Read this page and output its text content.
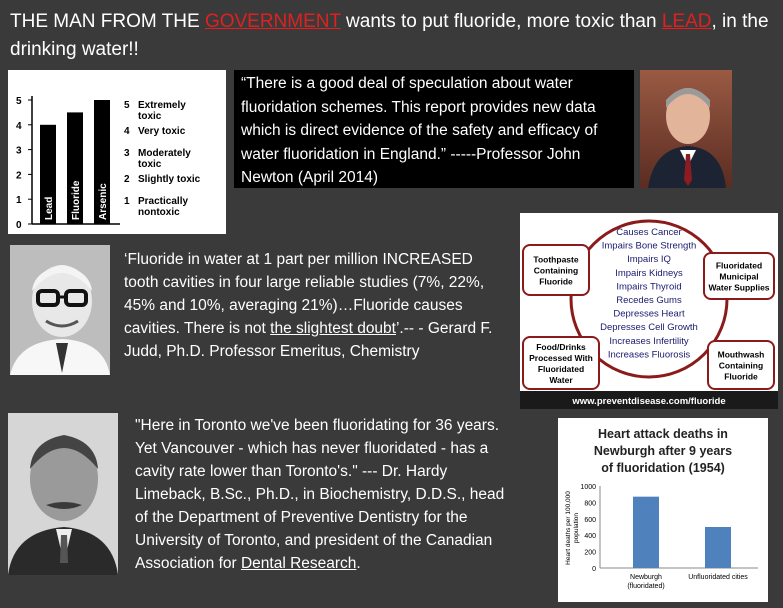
THE MAN FROM THE GOVERNMENT wants to put fluoride, more toxic than LEAD, in the drinking water!!
0
1
2
3
4
5
Lead Fluoride Arsenic
5 Extremely
toxic
4 Very toxic
3 Moderately
toxic
2 Slightly toxic
1 Practically
nontoxic
“There is a good deal of speculation about water fluoridation schemes. This report provides new data which is direct evidence of the safety and efficacy of water fluoridation in England.” -----Professor John Newton (April 2014)
‘Fluoride in water at 1 part per million INCREASED tooth cavities in four large reliable studies (7%, 22%, 45% and 10%, averaging 21%)…Fluoride causes cavities. There is not the slightest doubt’.-- - Gerard F. Judd, Ph.D. Professor Emeritus, Chemistry
Causes Cancer
Impairs Bone Strength
Impairs IQ
Impairs Kidneys
Impairs Thyroid
Recedes Gums
Depresses Heart
Depresses Cell Growth
Increases Infertility
Increases Fluorosis
Toothpaste
Containing
Fluoride
Fluoridated
Municipal
Water Supplies
Food/Drinks
Processed With
Fluoridated
Water
Mouthwash
Containing
Fluoride
www.preventdisease.com/fluoride
"Here in Toronto we've been fluoridating for 36 years. Yet Vancouver - which has never fluoridated - has a cavity rate lower than Toronto's." --- Dr. Hardy Limeback, B.Sc., Ph.D., in Biochemistry, D.D.S., head of the Department of Preventive Dentistry for the University of Toronto, and president of the Canadian Association for Dental Research.
Heart attack deaths in
Newburgh after 9 years
of fluoridation (1954)
0
200
400
600
800
1000
Heart deaths per 100,000 population
Newburgh
(fluoridated)
Unfluoridated cities
